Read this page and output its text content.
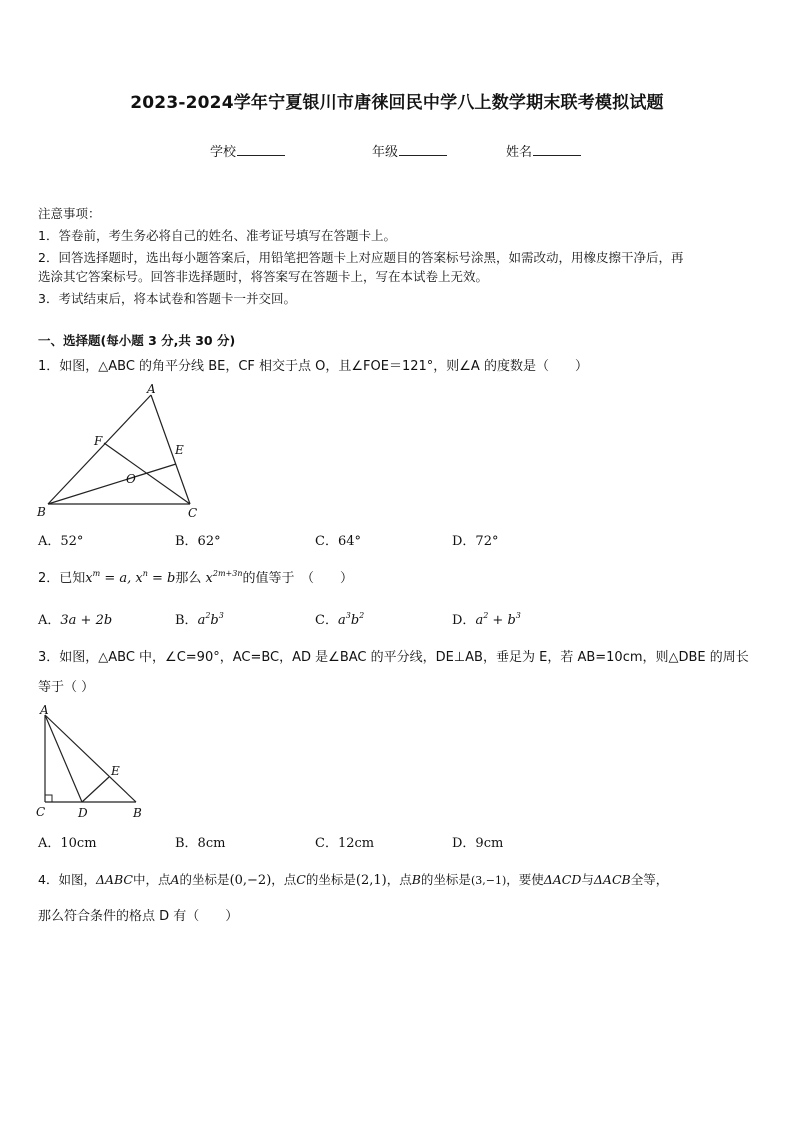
2023-2024学年宁夏银川市唐徕回民中学八上数学期末联考模拟试题
学校	年级	姓名
注意事项：
1．答卷前，考生务必将自己的姓名、准考证号填写在答题卡上。
2．回答选择题时，选出每小题答案后，用铅笔把答题卡上对应题目的答案标号涂黑，如需改动，用橡皮擦干净后，再
选涂其它答案标号。回答非选择题时，将答案写在答题卡上，写在本试卷上无效。
3．考试结束后，将本试卷和答题卡一并交回。
一、选择题(每小题 3 分,共 30 分)
1．如图，△ABC 的角平分线 BE，CF 相交于点 O，且∠FOE＝121°，则∠A 的度数是（　　）
A
B	C
E
F
O
A．52°	B．62°	C．64°	D．72°
2．已知$x^m = a$, $x^n = b$那么 $x^{2m+3n}$的值等于　（　　）
A．3a + 2b	B．$a^2b^3$	C．$a^3b^2$	D．$a^2 + b^3$
3．如图，△ABC 中，∠C=90°，AC=BC，AD 是∠BAC 的平分线，DE⊥AB，垂足为 E，若 AB=10cm，则△DBE 的周长
等于（ ）
A
C	D
E
B
A．10cm	B．8cm	C．12cm	D．9cm
4．如图，ΔABC中，点A的坐标是(0,−2)，点C的坐标是(2,1)，点B的坐标是(3,−1)，要使ΔACD与ΔACB全等，
那么符合条件的格点 D 有（　　）
